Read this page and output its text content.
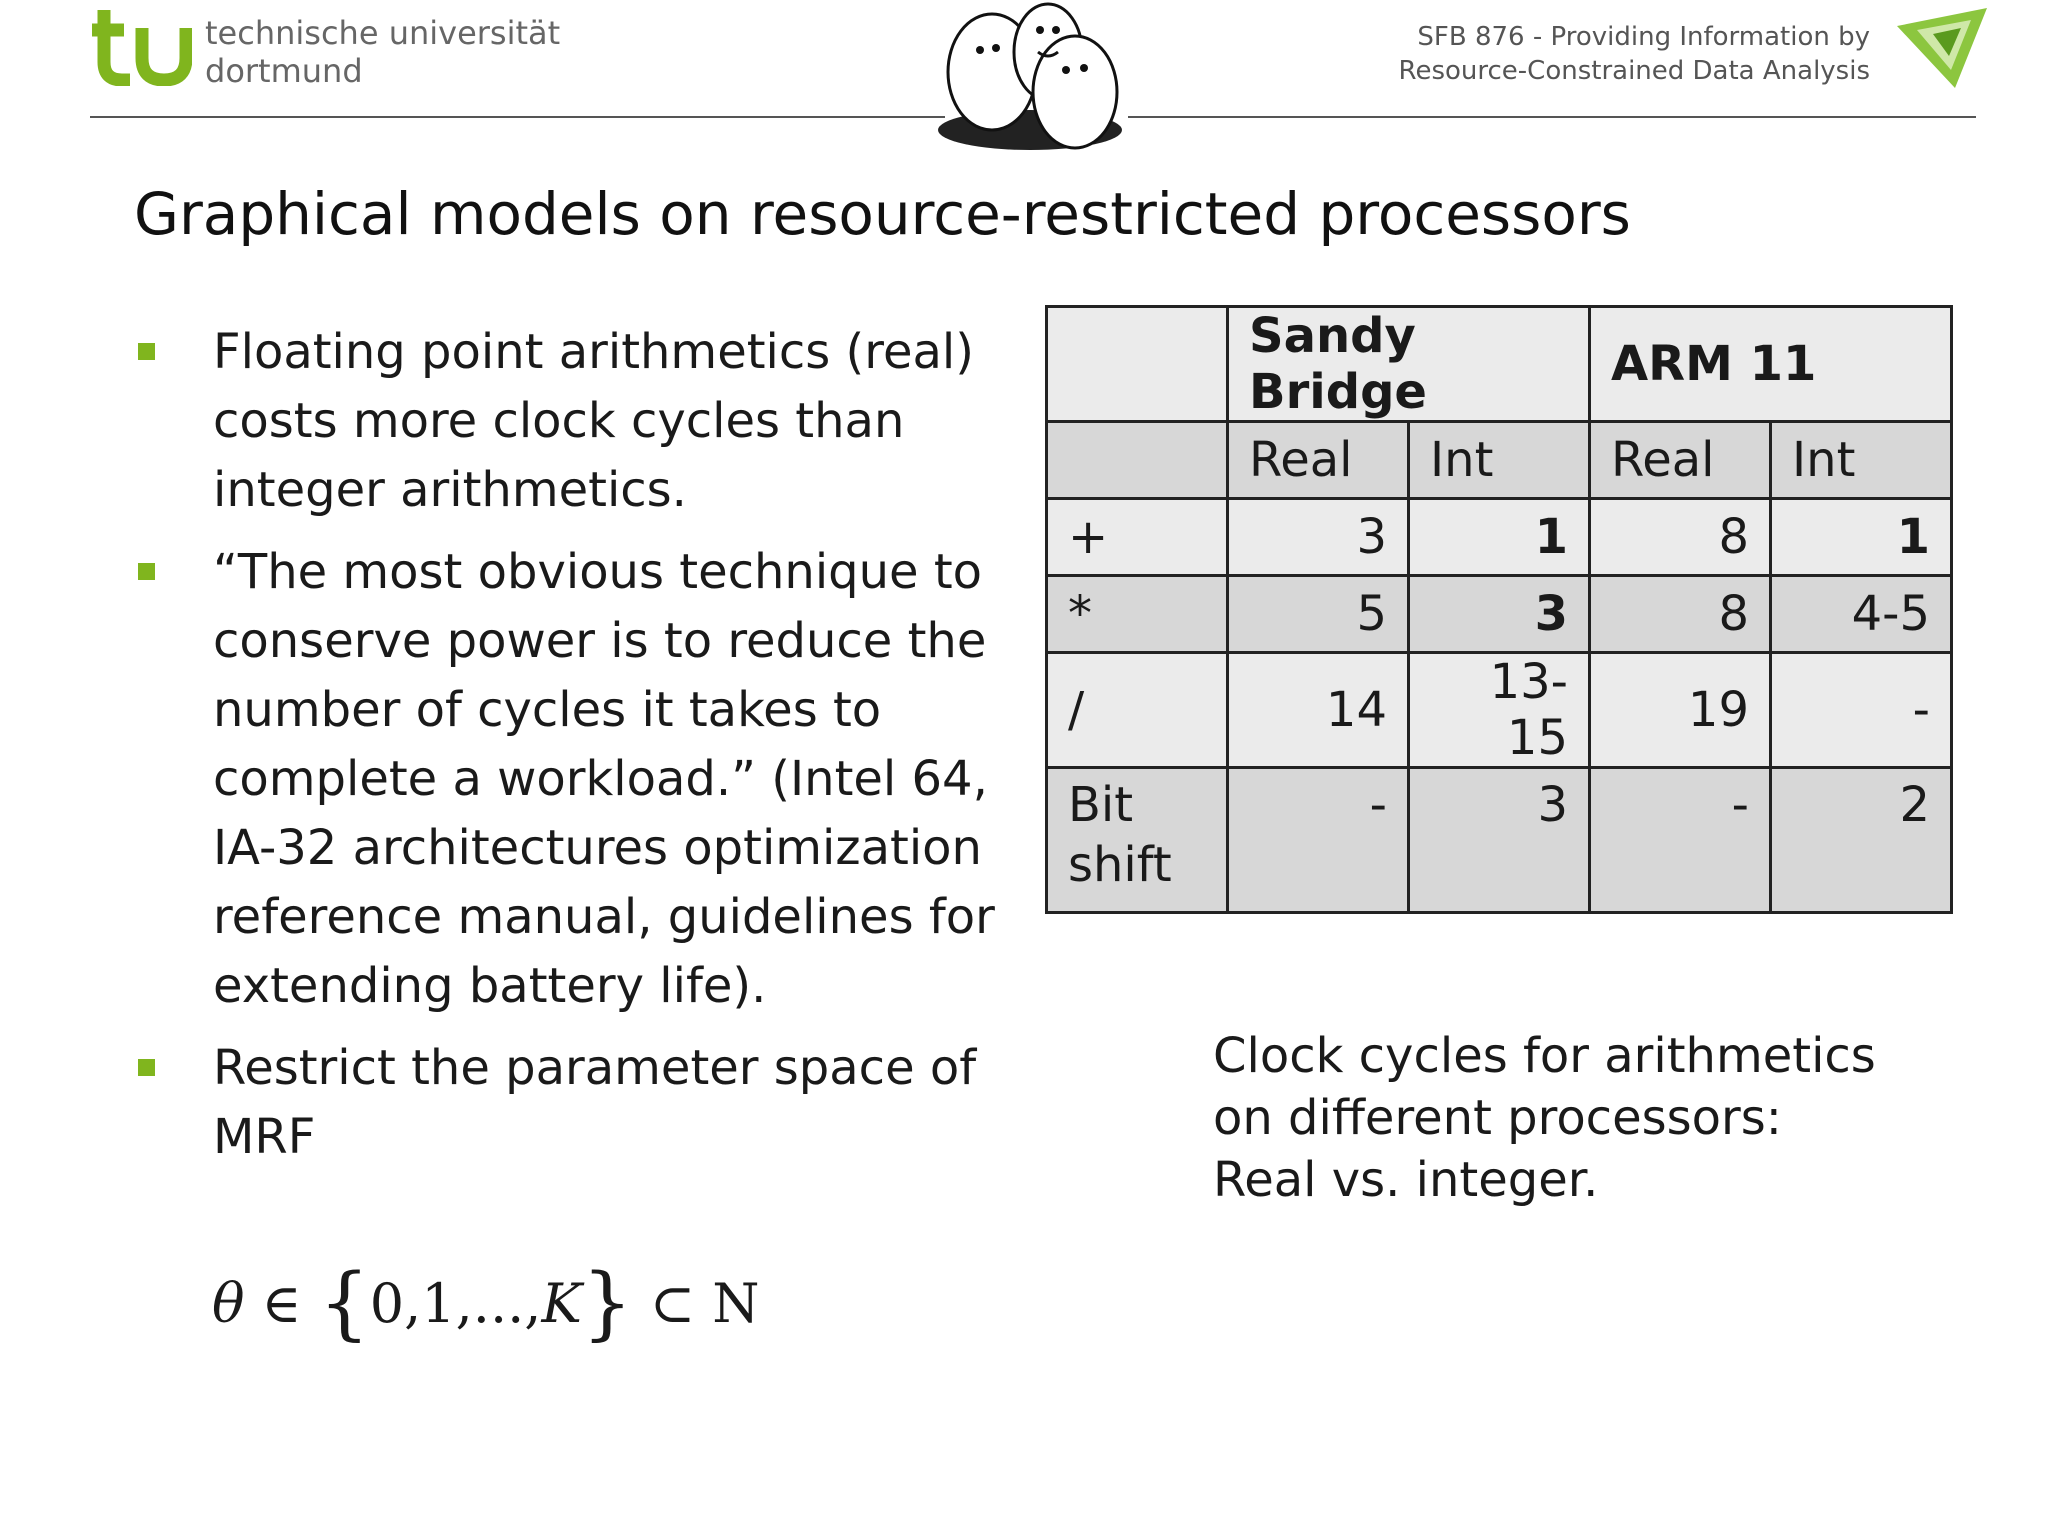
technische universität
dortmund
SFB 876 - Providing Information by
Resource-Constrained Data Analysis
Graphical models on resource-restricted processors
Floating point arithmetics (real) costs more clock cycles than integer arithmetics.
“The most obvious technique to conserve power is to reduce the number of cycles it takes to complete a workload.” (Intel 64, IA-32 architectures optimization reference manual, guidelines for extending battery life).
Restrict the parameter space of MRF
θ ∈ {0,1,...,K} ⊂ N
	Sandy Bridge		ARM 11	
	Real	Int	Real	Int
+	3	1	8	1
*	5	3	8	4-5
/	14	13-15	19	-
Bit shift	-	3	-	2
Clock cycles for arithmetics
on different processors:
Real vs. integer.
